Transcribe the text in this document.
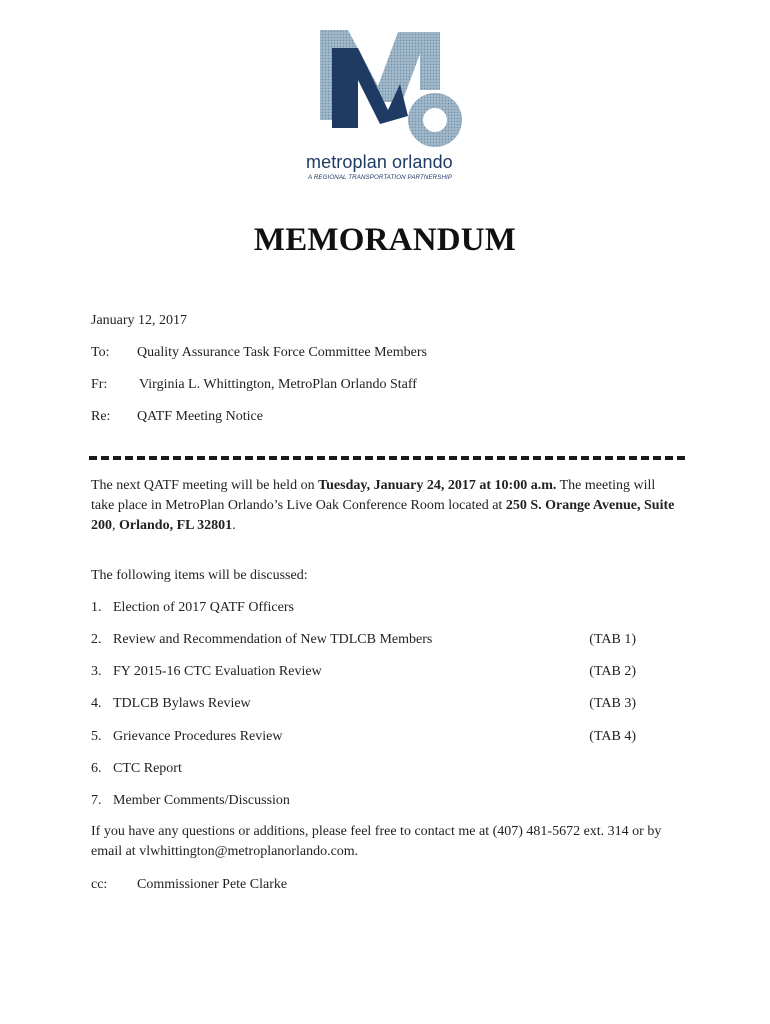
metroplan orlando
A REGIONAL TRANSPORTATION PARTNERSHIP
MEMORANDUM
January 12, 2017
To: Quality Assurance Task Force Committee Members
Fr: Virginia L. Whittington, MetroPlan Orlando Staff
Re: QATF Meeting Notice
The next QATF meeting will be held on Tuesday, January 24, 2017 at 10:00 a.m. The meeting will take place in MetroPlan Orlando’s Live Oak Conference Room located at 250 S. Orange Avenue, Suite 200, Orlando, FL 32801.
The following items will be discussed:
1. Election of 2017 QATF Officers
2. Review and Recommendation of New TDLCB Members	(TAB 1)
3. FY 2015-16 CTC Evaluation Review	(TAB 2)
4. TDLCB Bylaws Review	(TAB 3)
5. Grievance Procedures Review	(TAB 4)
6. CTC Report
7. Member Comments/Discussion
If you have any questions or additions, please feel free to contact me at (407) 481-5672 ext. 314 or by email at vlwhittington@metroplanorlando.com.
cc: Commissioner Pete Clarke
